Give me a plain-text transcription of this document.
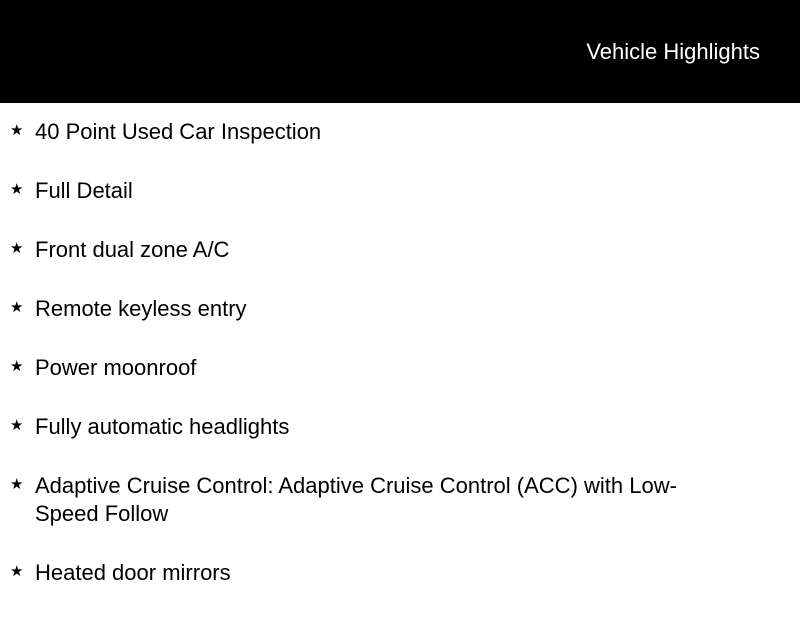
Vehicle Highlights
★ 40 Point Used Car Inspection
★ Full Detail
★ Front dual zone A/C
★ Remote keyless entry
★ Power moonroof
★ Fully automatic headlights
★ Adaptive Cruise Control: Adaptive Cruise Control (ACC) with Low-Speed Follow
★ Heated door mirrors
